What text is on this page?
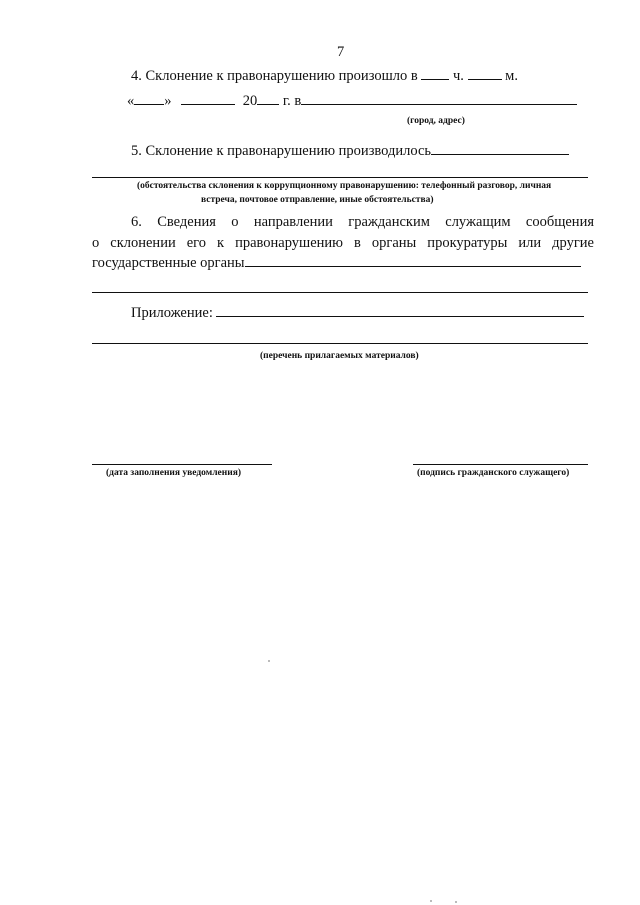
7
4. Склонение к правонарушению произошло в ч.	м.
« »	20 г. в
(город, адрес)
5. Склонение к правонарушению производилось
(обстоятельства склонения к коррупционному правонарушению: телефонный разговор, личная
встреча, почтовое отправление, иные обстоятельства)
6. Сведения о направлении гражданским служащим сообщения
о склонении его к правонарушению в органы прокуратуры или другие
государственные органы
Приложение:
(перечень прилагаемых материалов)
(дата заполнения уведомления)	(подпись гражданского служащего)
